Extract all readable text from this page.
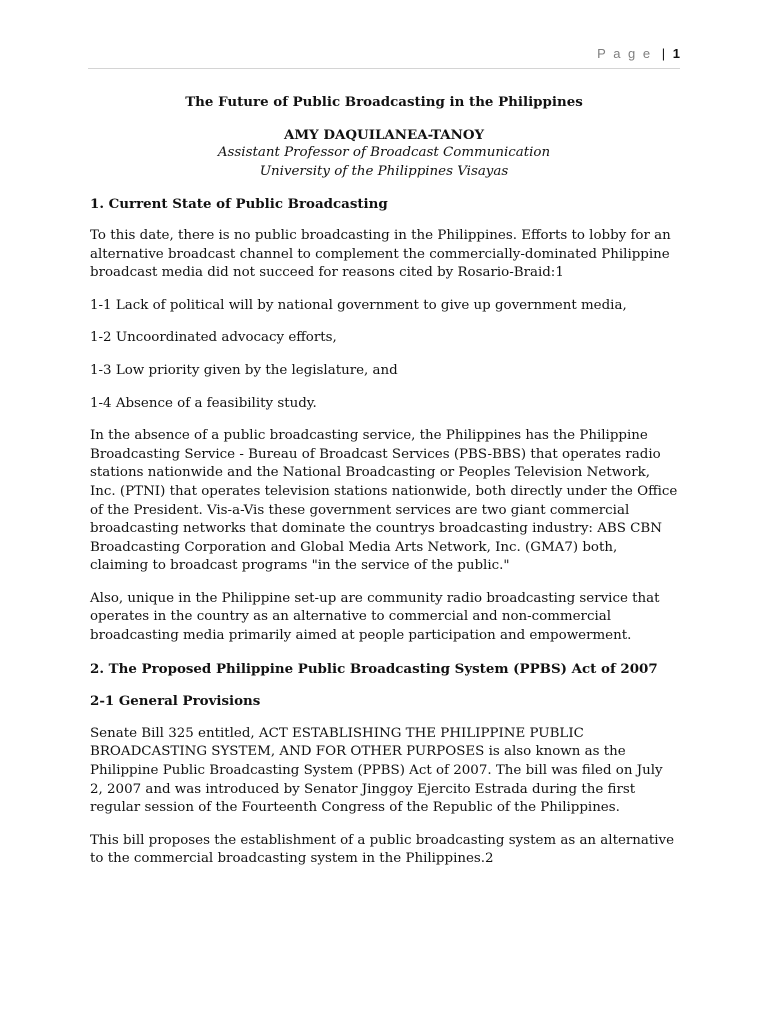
P a g e | 1

The Future of Public Broadcasting in the Philippines

AMY DAQUILANEA-TANOY

Assistant Professor of Broadcast Communication

University of the Philippines Visayas

1. Current State of Public Broadcasting

To this date, there is no public broadcasting in the Philippines. Efforts to lobby for an alternative broadcast channel to complement the commercially-dominated Philippine broadcast media did not succeed for reasons cited by Rosario-Braid:1

1-1 Lack of political will by national government to give up government media,

1-2 Uncoordinated advocacy efforts,

1-3 Low priority given by the legislature, and

1-4 Absence of a feasibility study.

In the absence of a public broadcasting service, the Philippines has the Philippine Broadcasting Service - Bureau of Broadcast Services (PBS-BBS) that operates radio stations nationwide and the National Broadcasting or Peoples Television Network, Inc. (PTNI) that operates television stations nationwide, both directly under the Office of the President. Vis-a-Vis these government services are two giant commercial broadcasting networks that dominate the countrys broadcasting industry: ABS CBN Broadcasting Corporation and Global Media Arts Network, Inc. (GMA7) both, claiming to broadcast programs "in the service of the public."

Also, unique in the Philippine set-up are community radio broadcasting service that operates in the country as an alternative to commercial and non-commercial broadcasting media primarily aimed at people participation and empowerment.

2. The Proposed Philippine Public Broadcasting System (PPBS) Act of 2007

2-1 General Provisions

Senate Bill 325 entitled, ACT ESTABLISHING THE PHILIPPINE PUBLIC BROADCASTING SYSTEM, AND FOR OTHER PURPOSES is also known as the Philippine Public Broadcasting System (PPBS) Act of 2007. The bill was filed on July 2, 2007 and was introduced by Senator Jinggoy Ejercito Estrada during the first regular session of the Fourteenth Congress of the Republic of the Philippines.

This bill proposes the establishment of a public broadcasting system as an alternative to the commercial broadcasting system in the Philippines.2
